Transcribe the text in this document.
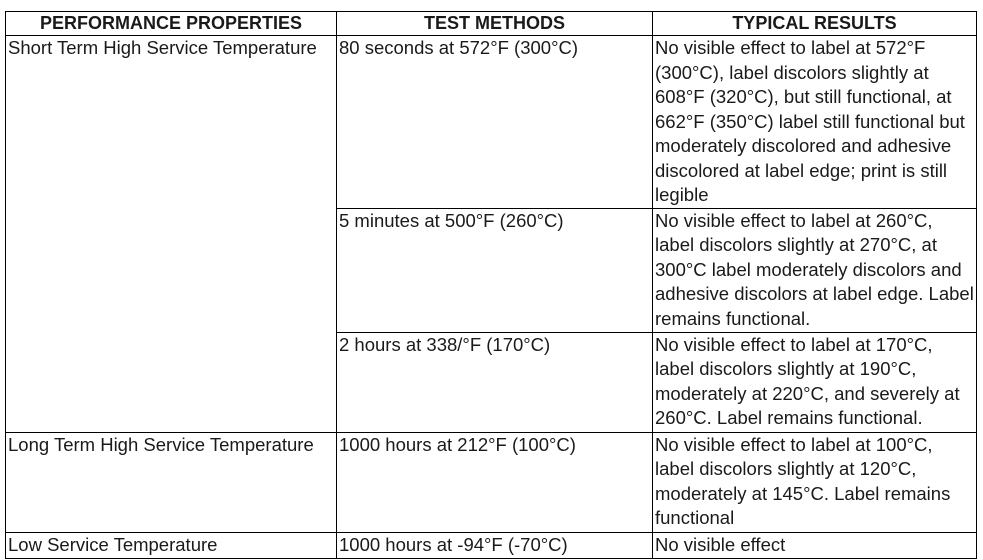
PERFORMANCE PROPERTIES	TEST METHODS	TYPICAL RESULTS
Short Term High Service Temperature	80 seconds at 572°F (300°C)	No visible effect to label at 572°F (300°C), label discolors slightly at 608°F (320°C), but still functional, at 662°F (350°C) label still functional but moderately discolored and adhesive discolored at label edge; print is still legible
	5 minutes at 500°F (260°C)	No visible effect to label at 260°C, label discolors slightly at 270°C, at 300°C label moderately discolors and adhesive discolors at label edge. Label remains functional.
	2 hours at 338/°F (170°C)	No visible effect to label at 170°C, label discolors slightly at 190°C, moderately at 220°C, and severely at 260°C. Label remains functional.
Long Term High Service Temperature	1000 hours at 212°F (100°C)	No visible effect to label at 100°C, label discolors slightly at 120°C, moderately at 145°C. Label remains functional
Low Service Temperature	1000 hours at -94°F (-70°C)	No visible effect
